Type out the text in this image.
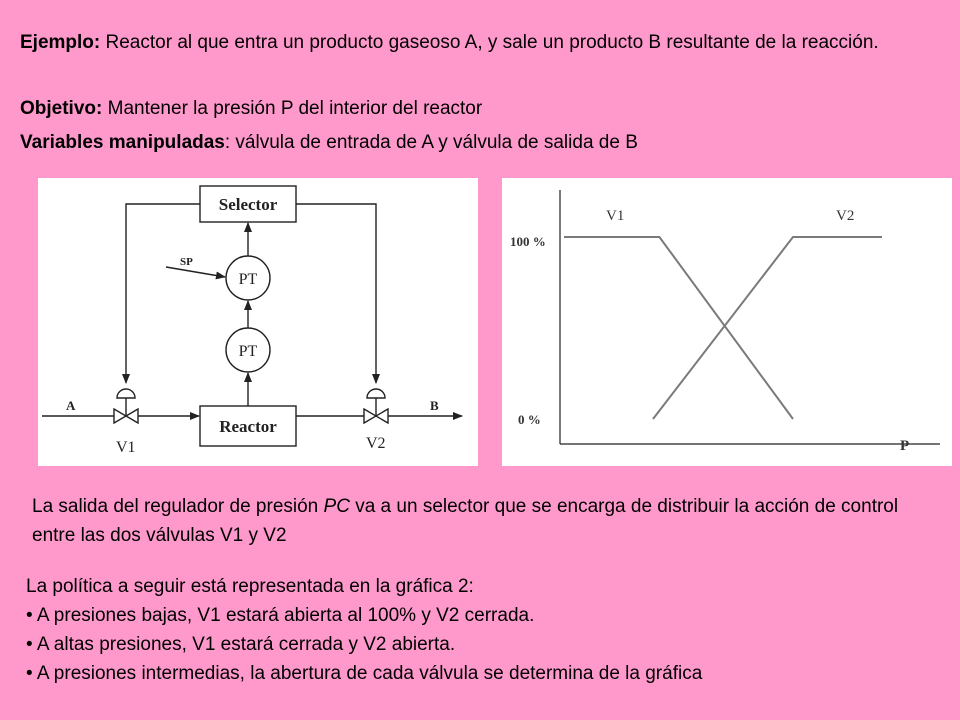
Ejemplo: Reactor al que entra un producto gaseoso A, y sale un producto B resultante de la reacción.

Objetivo: Mantener la presión P del interior del reactor

Variables manipuladas: válvula de entrada de A y válvula de salida de B

Selector
PT
PT
Reactor
SP
A	B
V1	V2
100 %
0 %
P
V1	V2
La salida del regulador de presión PC va a un selector que se encarga de distribuir la acción de control entre las dos válvulas V1 y V2
La política a seguir está representada en la gráfica 2:
• A presiones bajas, V1 estará abierta al 100% y V2 cerrada.
• A altas presiones, V1 estará cerrada y V2 abierta.
• A presiones intermedias, la abertura de cada válvula se determina de la gráfica
